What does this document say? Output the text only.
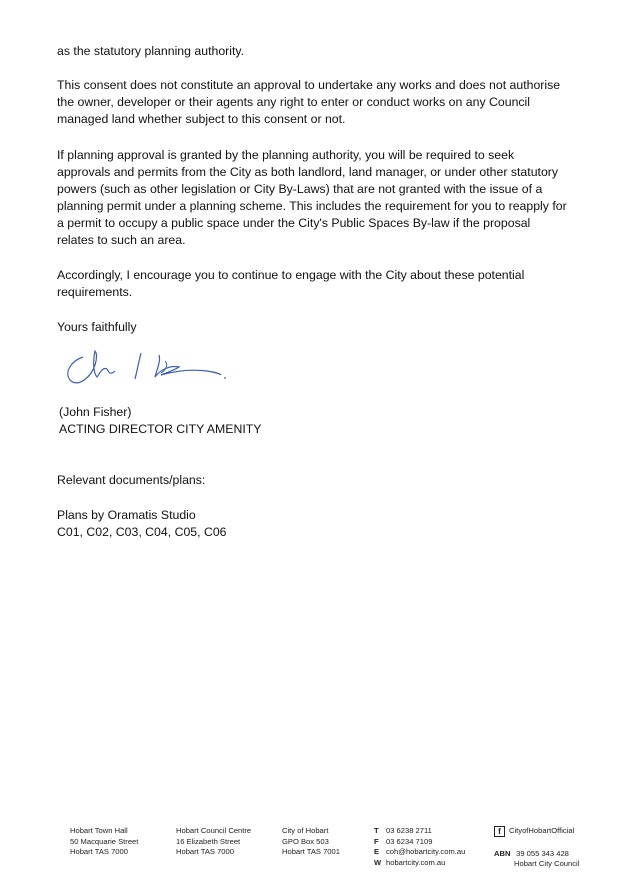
as the statutory planning authority.

This consent does not constitute an approval to undertake any works and does not authorise the owner, developer or their agents any right to enter or conduct works on any Council managed land whether subject to this consent or not.

If planning approval is granted by the planning authority, you will be required to seek approvals and permits from the City as both landlord, land manager, or under other statutory powers (such as other legislation or City By-Laws) that are not granted with the issue of a planning permit under a planning scheme. This includes the requirement for you to reapply for a permit to occupy a public space under the City's Public Spaces By-law if the proposal relates to such an area.

Accordingly, I encourage you to continue to engage with the City about these potential requirements.

Yours faithfully

(John Fisher)

ACTING DIRECTOR CITY AMENITY

Relevant documents/plans:

Plans by Oramatis Studio

C01, C02, C03, C04, C05, C06

Hobart Town Hall
50 Macquarie Street
Hobart TAS 7000
Hobart Council Centre
16 Elizabeth Street
Hobart TAS 7000
City of Hobart
GPO Box 503
Hobart TAS 7001
T 03 6238 2711
F 03 6234 7109
E coh@hobartcity.com.au
W hobartcity.com.au
f	CityofHobartOfficial
ABN 39 055 343 428
Hobart City Council
